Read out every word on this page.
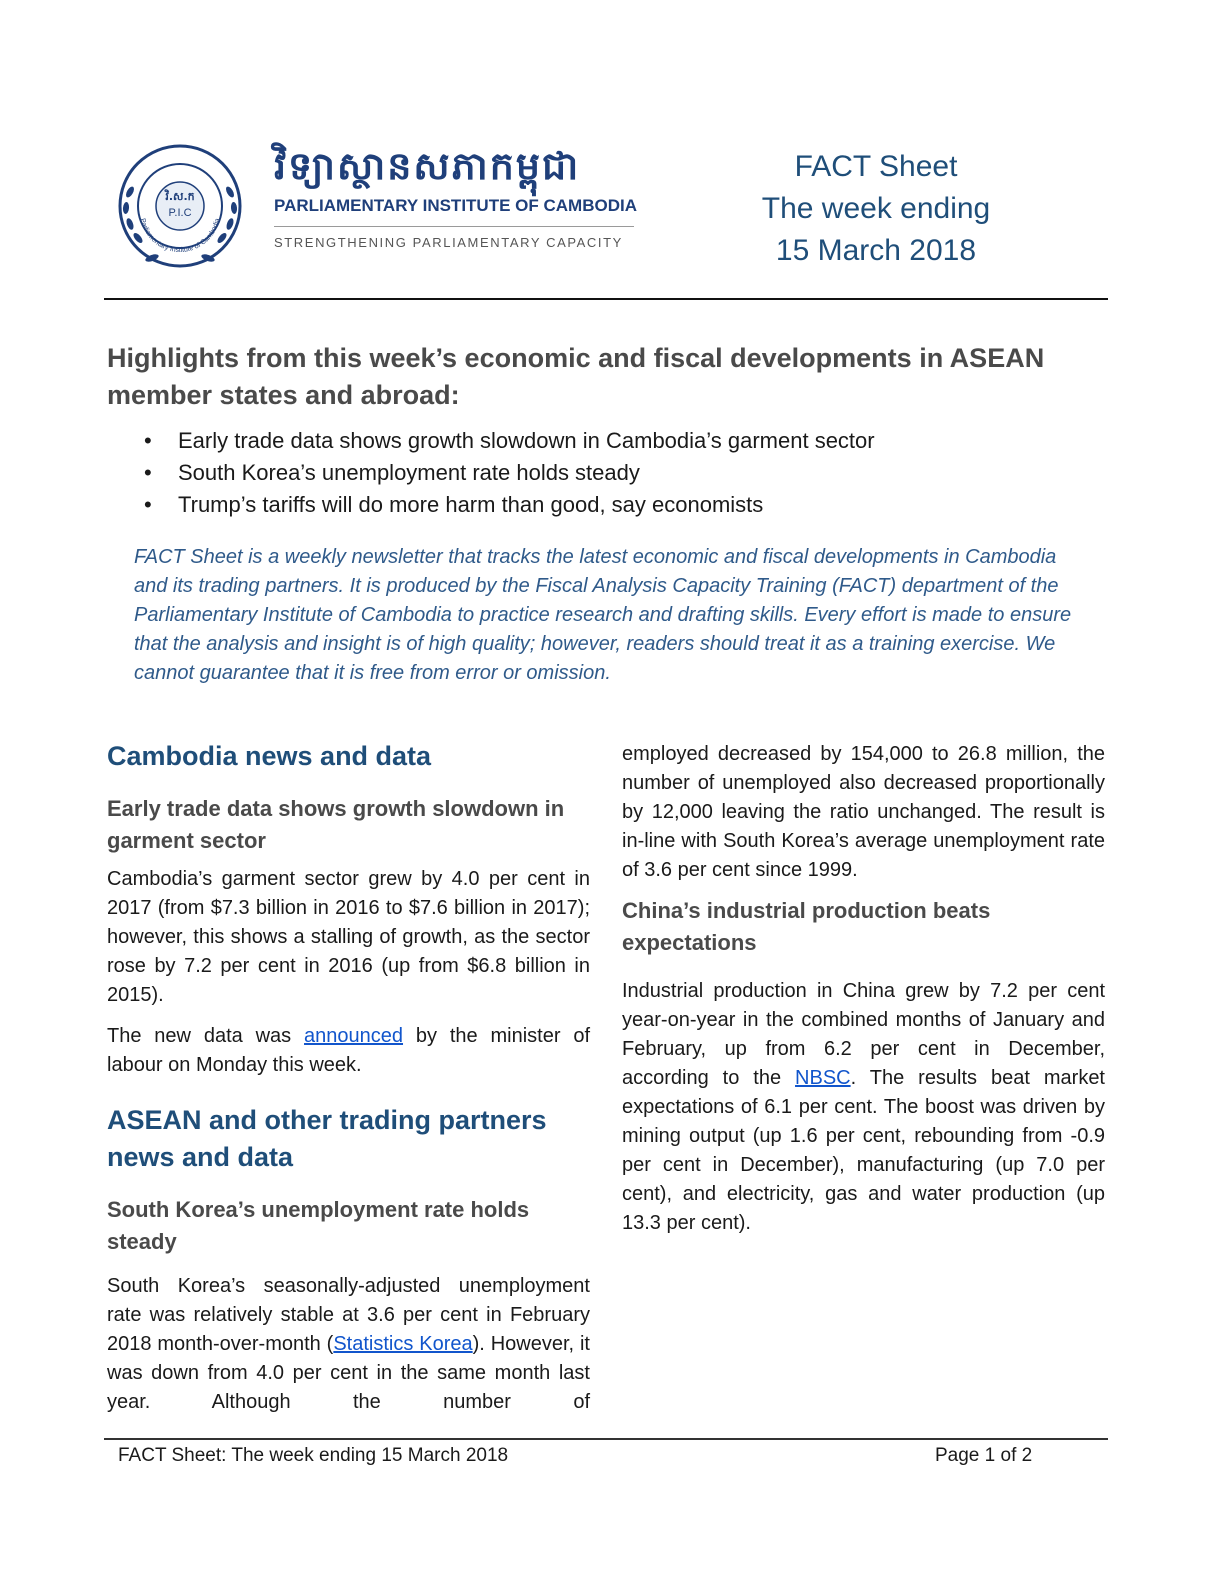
វិ.ស.ក
P.I.C
Parliamentary Institute of Cambodia
វិទ្យាស្ថានសភាកម្ពុជា
PARLIAMENTARY INSTITUTE OF CAMBODIA
STRENGTHENING PARLIAMENTARY CAPACITY
FACT Sheet
The week ending
15 March 2018
Highlights from this week’s economic and fiscal developments in ASEAN member states and abroad:
• Early trade data shows growth slowdown in Cambodia’s garment sector
• South Korea’s unemployment rate holds steady
• Trump’s tariffs will do more harm than good, say economists

FACT Sheet is a weekly newsletter that tracks the latest economic and fiscal developments in Cambodia and its trading partners. It is produced by the Fiscal Analysis Capacity Training (FACT) department of the Parliamentary Institute of Cambodia to practice research and drafting skills. Every effort is made to ensure that the analysis and insight is of high quality; however, readers should treat it as a training exercise. We cannot guarantee that it is free from error or omission.

Cambodia news and data
Early trade data shows growth slowdown in garment sector

Cambodia’s garment sector grew by 4.0 per cent in 2017 (from $7.3 billion in 2016 to $7.6 billion in 2017); however, this shows a stalling of growth, as the sector rose by 7.2 per cent in 2016 (up from $6.8 billion in 2015).

The new data was announced by the minister of labour on Monday this week.

ASEAN and other trading partners news and data
South Korea’s unemployment rate holds steady

South Korea’s seasonally-adjusted unemployment rate was relatively stable at 3.6 per cent in February 2018 month-over-month (Statistics Korea). However, it was down from 4.0 per cent in the same month last year. Although the number of

employed decreased by 154,000 to 26.8 million, the number of unemployed also decreased proportionally by 12,000 leaving the ratio unchanged. The result is in-line with South Korea’s average unemployment rate of 3.6 per cent since 1999.

China’s industrial production beats expectations

Industrial production in China grew by 7.2 per cent year-on-year in the combined months of January and February, up from 6.2 per cent in December, according to the NBSC. The results beat market expectations of 6.1 per cent. The boost was driven by mining output (up 1.6 per cent, rebounding from -0.9 per cent in December), manufacturing (up 7.0 per cent), and electricity, gas and water production (up 13.3 per cent).

FACT Sheet: The week ending 15 March 2018	Page 1 of 2
